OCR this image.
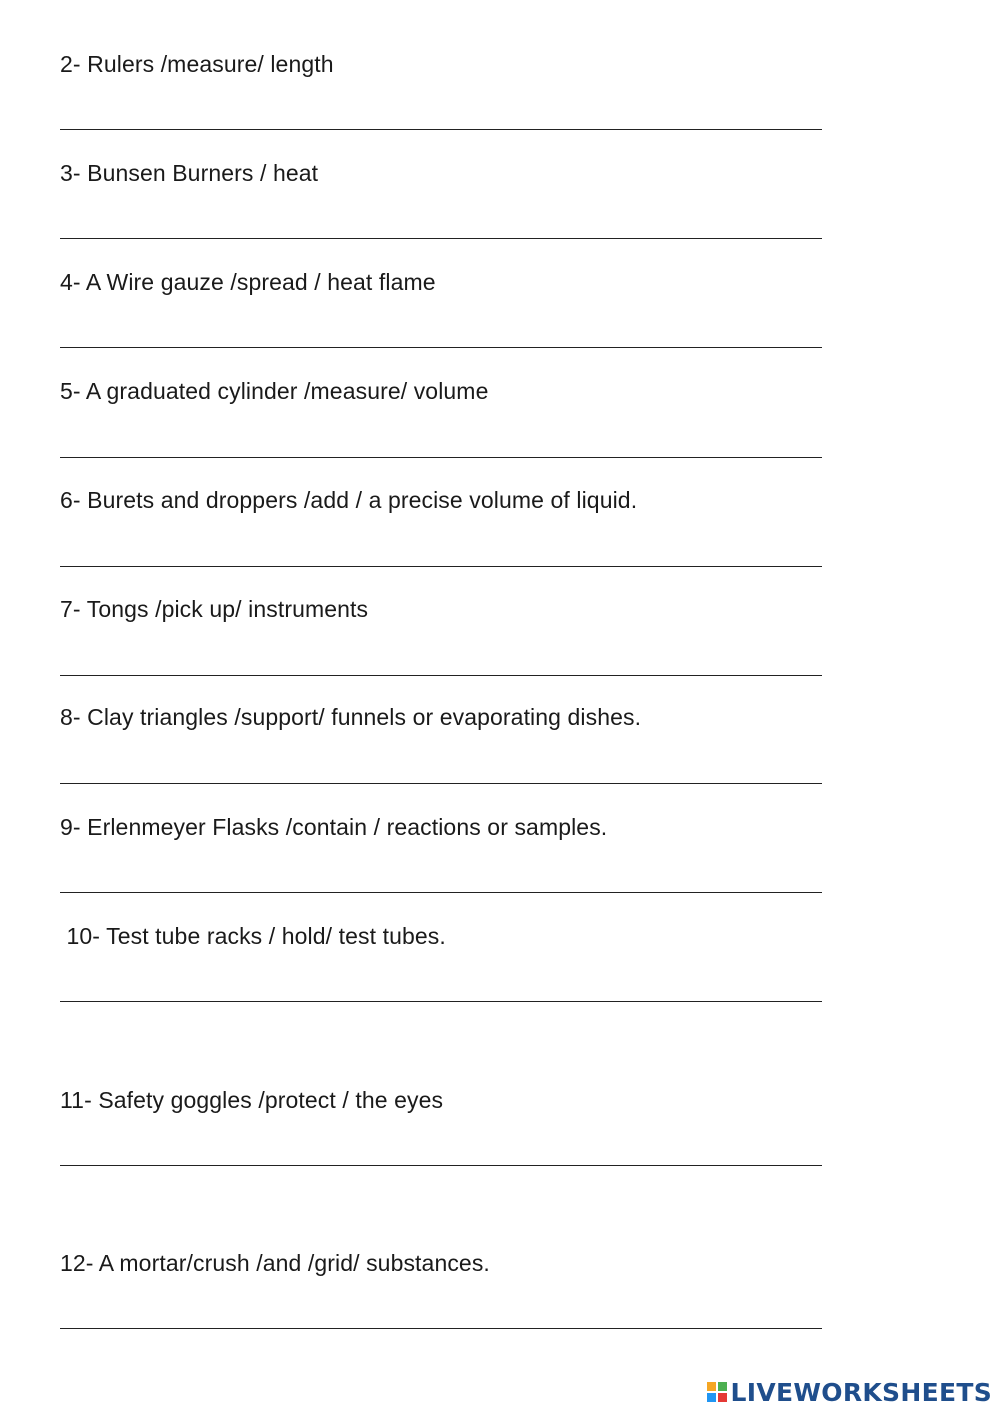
2- Rulers /measure/ length
3- Bunsen Burners / heat
4- A Wire gauze /spread / heat flame
5- A graduated cylinder /measure/ volume
6- Burets and droppers /add / a precise volume of liquid.
7- Tongs /pick up/ instruments
8- Clay triangles /support/ funnels or evaporating dishes.
9- Erlenmeyer Flasks /contain / reactions or samples.
10- Test tube racks / hold/ test tubes.
11- Safety goggles /protect / the eyes
12- A mortar/crush /and /grid/ substances.
LIVEWORKSHEETS
